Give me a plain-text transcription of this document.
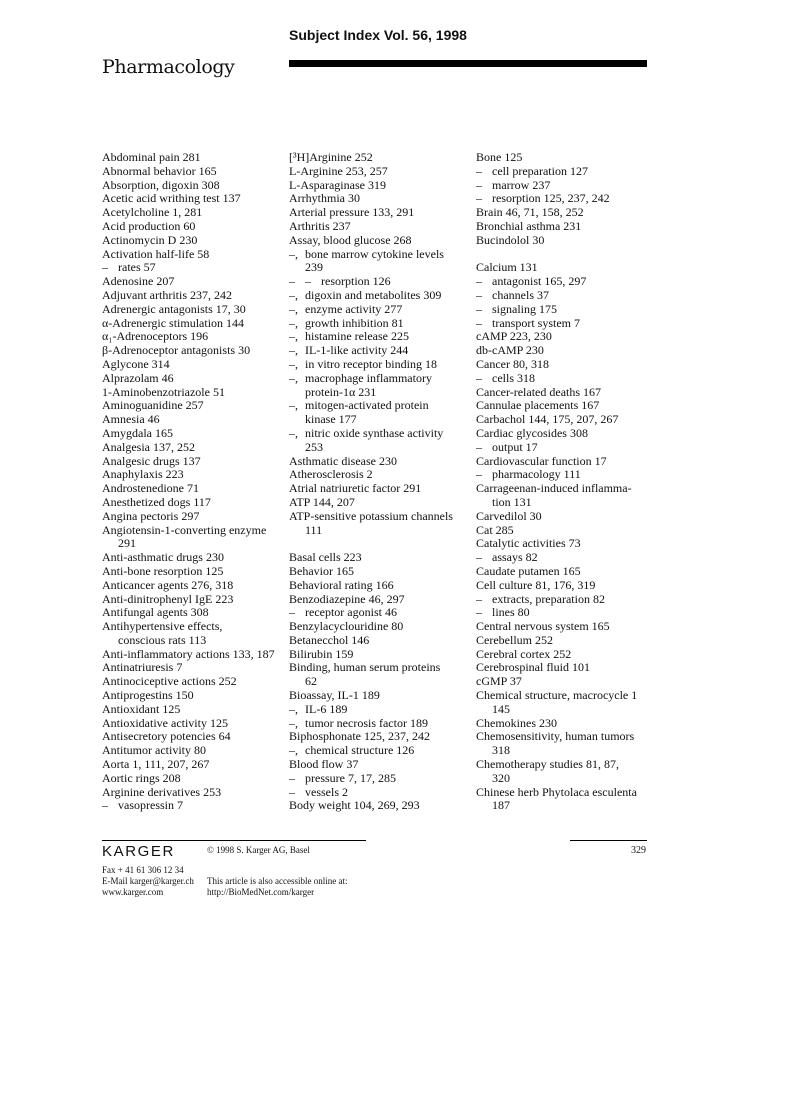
Subject Index Vol. 56, 1998
Pharmacology
Abdominal pain 281
Abnormal behavior 165
Absorption, digoxin 308
Acetic acid writhing test 137
Acetylcholine 1, 281
Acid production 60
Actinomycin D 230
Activation half-life 58
– rates 57
Adenosine 207
Adjuvant arthritis 237, 242
Adrenergic antagonists 17, 30
α-Adrenergic stimulation 144
α₁-Adrenoceptors 196
β-Adrenoceptor antagonists 30
Aglycone 314
Alprazolam 46
1-Aminobenzotriazole 51
Aminoguanidine 257
Amnesia 46
Amygdala 165
Analgesia 137, 252
Analgesic drugs 137
Anaphylaxis 223
Androstenedione 71
Anesthetized dogs 117
Angina pectoris 297
Angiotensin-1-converting enzyme
291
Anti-asthmatic drugs 230
Anti-bone resorption 125
Anticancer agents 276, 318
Anti-dinitrophenyl IgE 223
Antifungal agents 308
Antihypertensive effects,
conscious rats 113
Anti-inflammatory actions 133, 187
Antinatriuresis 7
Antinociceptive actions 252
Antiprogestins 150
Antioxidant 125
Antioxidative activity 125
Antisecretory potencies 64
Antitumor activity 80
Aorta 1, 111, 207, 267
Aortic rings 208
Arginine derivatives 253
– vasopressin 7
[³H]Arginine 252
L-Arginine 253, 257
L-Asparaginase 319
Arrhythmia 30
Arterial pressure 133, 291
Arthritis 237
Assay, blood glucose 268
–, bone marrow cytokine levels
239
– – resorption 126
–, digoxin and metabolites 309
–, enzyme activity 277
–, growth inhibition 81
–, histamine release 225
–, IL-1-like activity 244
–, in vitro receptor binding 18
–, macrophage inflammatory
protein-1α 231
–, mitogen-activated protein
kinase 177
–, nitric oxide synthase activity
253
Asthmatic disease 230
Atherosclerosis 2
Atrial natriuretic factor 291
ATP 144, 207
ATP-sensitive potassium channels
111
Basal cells 223
Behavior 165
Behavioral rating 166
Benzodiazepine 46, 297
– receptor agonist 46
Benzylacyclouridine 80
Betanecchol 146
Bilirubin 159
Binding, human serum proteins
62
Bioassay, IL-1 189
–, IL-6 189
–, tumor necrosis factor 189
Biphosphonate 125, 237, 242
–, chemical structure 126
Blood flow 37
– pressure 7, 17, 285
– vessels 2
Body weight 104, 269, 293
Bone 125
– cell preparation 127
– marrow 237
– resorption 125, 237, 242
Brain 46, 71, 158, 252
Bronchial asthma 231
Bucindolol 30
Calcium 131
– antagonist 165, 297
– channels 37
– signaling 175
– transport system 7
cAMP 223, 230
db-cAMP 230
Cancer 80, 318
– cells 318
Cancer-related deaths 167
Cannulae placements 167
Carbachol 144, 175, 207, 267
Cardiac glycosides 308
– output 17
Cardiovascular function 17
– pharmacology 111
Carrageenan-induced inflamma-
tion 131
Carvedilol 30
Cat 285
Catalytic activities 73
– assays 82
Caudate putamen 165
Cell culture 81, 176, 319
– extracts, preparation 82
– lines 80
Central nervous system 165
Cerebellum 252
Cerebral cortex 252
Cerebrospinal fluid 101
cGMP 37
Chemical structure, macrocycle 1
145
Chemokines 230
Chemosensitivity, human tumors
318
Chemotherapy studies 81, 87,
320
Chinese herb Phytolaca esculenta
187
KARGER	© 1998 S. Karger AG, Basel	329
Fax + 41 61 306 12 34
E-Mail karger@karger.ch
www.karger.com
This article is also accessible online at:
http://BioMedNet.com/karger
